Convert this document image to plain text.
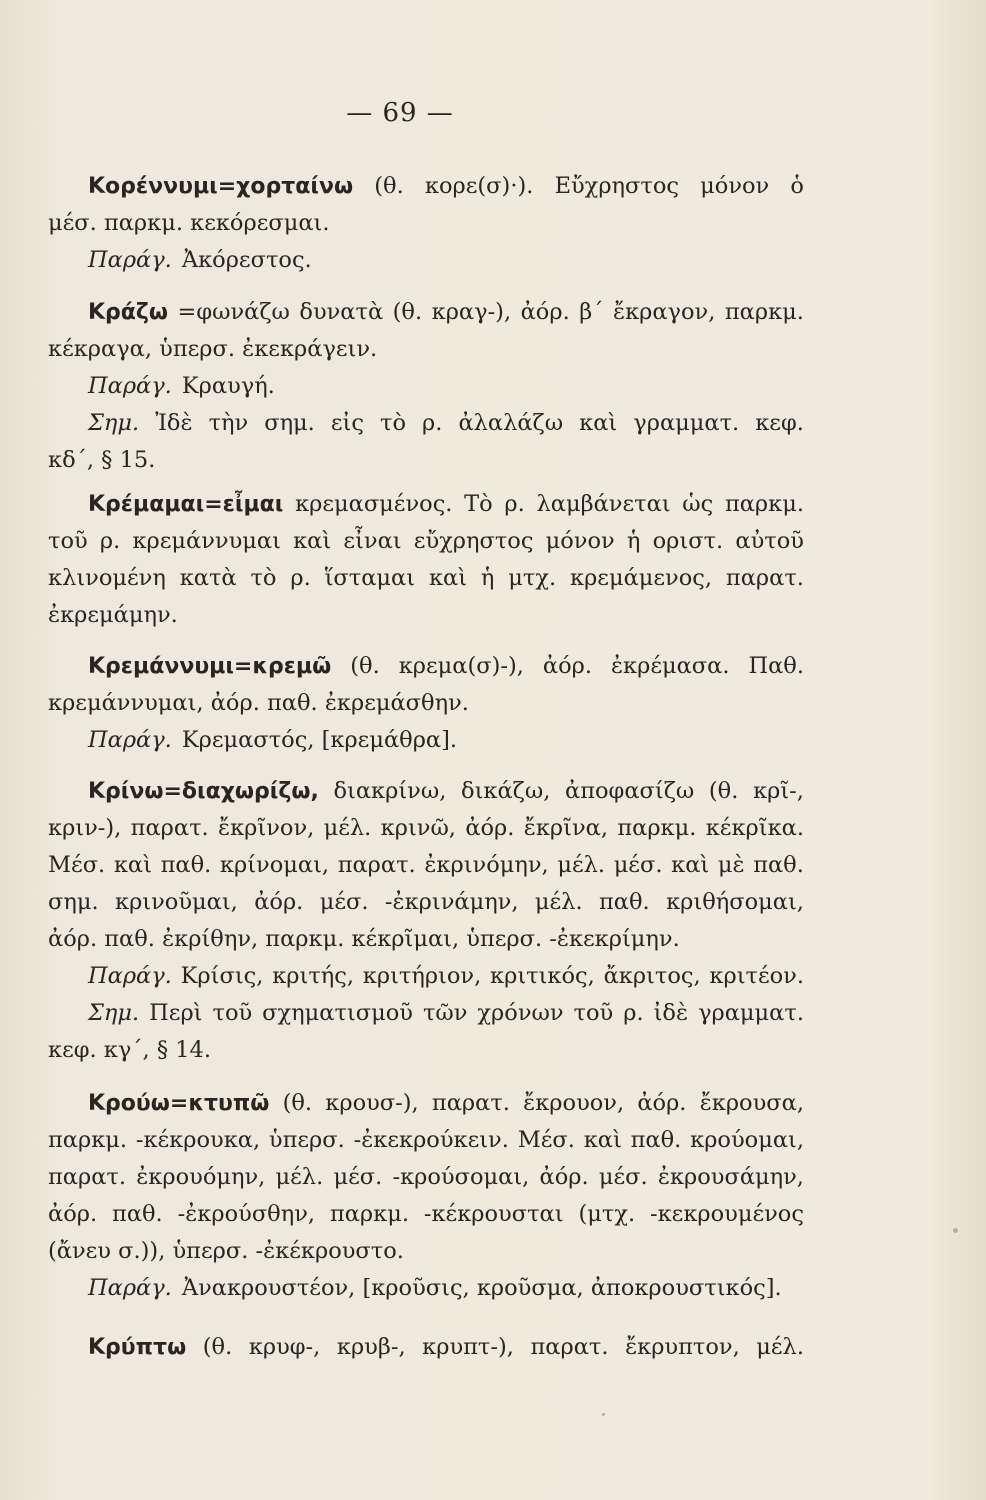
— 69 —
Κορέννυμι=χορταίνω (θ. κορε(σ)·). Εὔχρηστος μόνον ὁ
μέσ. παρκμ. κεκόρεσμαι.
Παράγ. Ἀκόρεστος.
Κράζω =φωνάζω δυνατὰ (θ. κραγ-), ἀόρ. β΄ ἔκραγον, παρκμ.
κέκραγα, ὑπερσ. ἐκεκράγειν.
Παράγ. Κραυγή.
Σημ. Ἰδὲ τὴν σημ. εἰς τὸ ρ. ἀλαλάζω καὶ γραμματ. κεφ.
κδ΄, § 15.
Κρέμαμαι=εἶμαι κρεμασμένος. Τὸ ρ. λαμβάνεται ὡς παρκμ.
τοῦ ρ. κρεμάννυμαι καὶ εἶναι εὔχρηστος μόνον ἡ οριστ. αὐτοῦ
κλινομένη κατὰ τὸ ρ. ἵσταμαι καὶ ἡ μτχ. κρεμάμενος, παρατ.
ἐκρεμάμην.
Κρεμάννυμι=κρεμῶ (θ. κρεμα(σ)-), ἀόρ. ἐκρέμασα. Παθ.
κρεμάννυμαι, ἀόρ. παθ. ἐκρεμάσθην.
Παράγ. Κρεμαστός, [κρεμάθρα].
Κρίνω=διαχωρίζω, διακρίνω, δικάζω, ἀποφασίζω (θ. κρῖ-,
κριν-), παρατ. ἔκρῖνον, μέλ. κρινῶ, ἀόρ. ἔκρῖνα, παρκμ. κέκρῖκα.
Μέσ. καὶ παθ. κρίνομαι, παρατ. ἐκρινόμην, μέλ. μέσ. καὶ μὲ παθ.
σημ. κρινοῦμαι, ἀόρ. μέσ. -ἐκρινάμην, μέλ. παθ. κριθήσομαι,
ἀόρ. παθ. ἐκρίθην, παρκμ. κέκρῖμαι, ὑπερσ. -ἐκεκρίμην.
Παράγ. Κρίσις, κριτής, κριτήριον, κριτικός, ἄκριτος, κριτέον.
Σημ. Περὶ τοῦ σχηματισμοῦ τῶν χρόνων τοῦ ρ. ἰδὲ γραμματ.
κεφ. κγ΄, § 14.
Κρούω=κτυπῶ (θ. κρουσ-), παρατ. ἔκρουον, ἀόρ. ἔκρουσα,
παρκμ. -κέκρουκα, ὑπερσ. -ἐκεκρούκειν. Μέσ. καὶ παθ. κρούομαι,
παρατ. ἐκρουόμην, μέλ. μέσ. -κρούσομαι, ἀόρ. μέσ. ἐκρουσάμην,
ἀόρ. παθ. -ἐκρούσθην, παρκμ. -κέκρουσται (μτχ. -κεκρουμένος
(ἄνευ σ.)), ὑπερσ. -ἐκέκρουστο.
Παράγ. Ἀνακρουστέον, [κροῦσις, κροῦσμα, ἀποκρουστικός].
Κρύπτω (θ. κρυφ-, κρυβ-, κρυπτ-), παρατ. ἔκρυπτον, μέλ.
